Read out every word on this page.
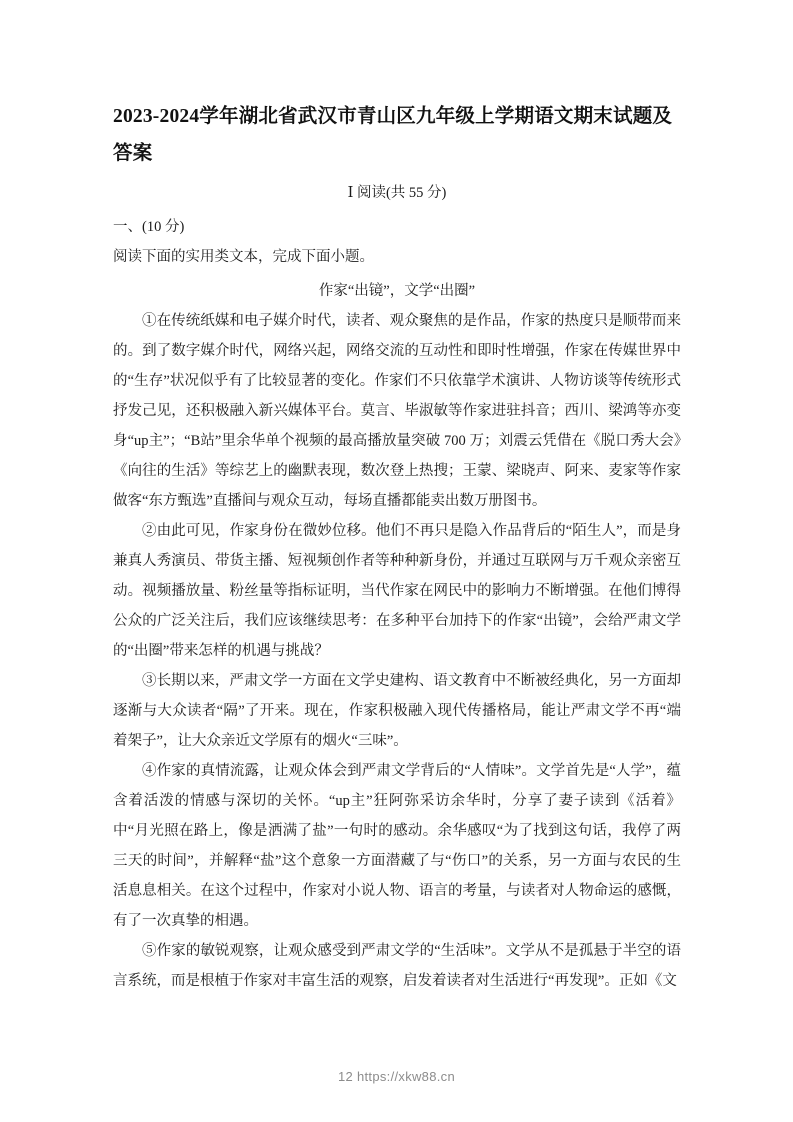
2023-2024学年湖北省武汉市青山区九年级上学期语文期末试题及答案
Ⅰ 阅读(共 55 分)
一、(10 分)
阅读下面的实用类文本，完成下面小题。
作家“出镜”，文学“出圈”

①在传统纸媒和电子媒介时代，读者、观众聚焦的是作品，作家的热度只是顺带而来的。到了数字媒介时代，网络兴起，网络交流的互动性和即时性增强，作家在传媒世界中的“生存”状况似乎有了比较显著的变化。作家们不只依靠学术演讲、人物访谈等传统形式抒发己见，还积极融入新兴媒体平台。莫言、毕淑敏等作家进驻抖音；西川、梁鸿等亦变身“up主”；“B站”里余华单个视频的最高播放量突破 700 万；刘震云凭借在《脱口秀大会》《向往的生活》等综艺上的幽默表现，数次登上热搜；王蒙、梁晓声、阿来、麦家等作家做客“东方甄选”直播间与观众互动，每场直播都能卖出数万册图书。

②由此可见，作家身份在微妙位移。他们不再只是隐入作品背后的“陌生人”，而是身兼真人秀演员、带货主播、短视频创作者等种种新身份，并通过互联网与万千观众亲密互动。视频播放量、粉丝量等指标证明，当代作家在网民中的影响力不断增强。在他们博得公众的广泛关注后，我们应该继续思考：在多种平台加持下的作家“出镜”，会给严肃文学的“出圈”带来怎样的机遇与挑战？

③长期以来，严肃文学一方面在文学史建构、语文教育中不断被经典化，另一方面却逐渐与大众读者“隔”了开来。现在，作家积极融入现代传播格局，能让严肃文学不再“端着架子”，让大众亲近文学原有的烟火“三味”。

④作家的真情流露，让观众体会到严肃文学背后的“人情味”。文学首先是“人学”，蕴含着活泼的情感与深切的关怀。“up主”狂阿弥采访余华时，分享了妻子读到《活着》中“月光照在路上，像是洒满了盐”一句时的感动。余华感叹“为了找到这句话，我停了两三天的时间”，并解释“盐”这个意象一方面潜藏了与“伤口”的关系，另一方面与农民的生活息息相关。在这个过程中，作家对小说人物、语言的考量，与读者对人物命运的感慨，有了一次真挚的相遇。

⑤作家的敏锐观察，让观众感受到严肃文学的“生活味”。文学从不是孤悬于半空的语言系统，而是根植于作家对丰富生活的观察，启发着读者对生活进行“再发现”。正如《文

12 https://xkw88.cn
